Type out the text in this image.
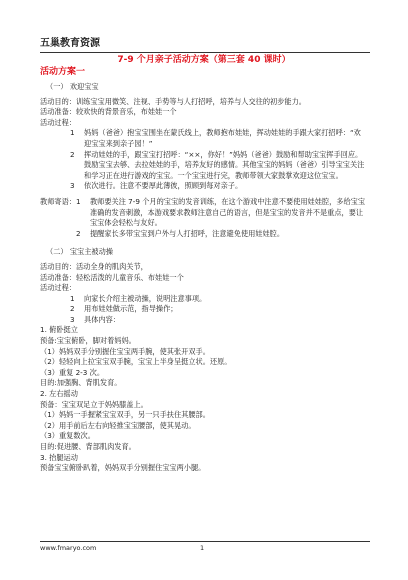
五巢教育资源
7-9 个月亲子活动方案（第三套 40 课时）
活动方案一
（一） 欢迎宝宝
活动目的：训练宝宝用微笑、注视、手势等与人打招呼，培养与人交往的初步能力。
活动准备：较欢快的背景音乐，布娃娃一个
活动过程：
1	妈妈（爸爸）抱宝宝围坐在蒙氏线上，教师抱布娃娃，挥动娃娃的手跟大家打招呼：“欢迎宝宝来到亲子园！”
2	挥动娃娃的手，跟宝宝打招呼：“××，你好！”妈妈（爸爸）鼓励和帮助宝宝挥手回应。鼓励宝宝去够、去拉娃娃的手，培养友好的感情。其他宝宝的妈妈（爸爸）引导宝宝关注和学习正在进行游戏的宝宝。一个宝宝进行完，教师带领大家鼓掌欢迎这位宝宝。
3	依次进行。注意不要厚此薄彼，照顾到每对亲子。
教师寄语： 1	教师要关注 7-9 个月的宝宝的发音训练，在这个游戏中注意不要使用娃娃腔，多给宝宝准确的发音刺激，本游戏要求教师注意自己的语言，但是宝宝的发音并不是重点，要让宝宝体会轻松与友好。
2	提醒家长多带宝宝到户外与人打招呼，注意避免使用娃娃腔。
（二） 宝宝主被动操
活动目的：活动全身的肌肉关节，
活动准备：轻松活泼的儿童音乐、布娃娃一个
活动过程：
1	向家长介绍主被动操，说明注意事项。
2	用布娃娃做示范，指导操作；
3	具体内容：
1. 俯卧挺立
预备:宝宝俯卧，脚对着妈妈。
（1）妈妈双手分别握住宝宝两手腕，使其张开双手。
（2）轻轻向上拉宝宝双手腕，宝宝上半身呈挺立状。还原。
（3）重复 2-3 次。
目的:加强胸、背肌发育。
2. 左右摇动
预备：宝宝双足立于妈妈膝盖上。
（1）妈妈一手握紧宝宝双手，另一只手扶住其腰部。
（2）用手前后左右向轻推宝宝腰部，使其晃动。
（3）重复数次。
目的:促进腰、背部肌肉发育。
3. 抬腿运动
预备宝宝俯卧趴着，妈妈双手分别握住宝宝两小腿。
www.fmaryo.com	1
